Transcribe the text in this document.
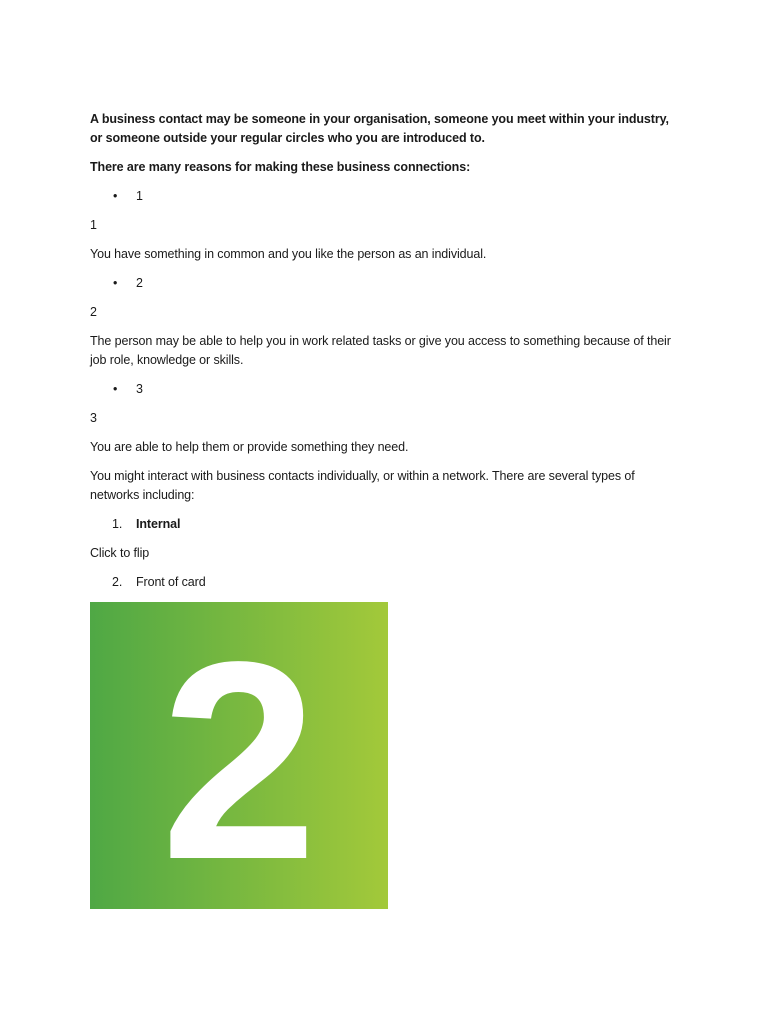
A business contact may be someone in your organisation, someone you meet within your industry, or someone outside your regular circles who you are introduced to.

There are many reasons for making these business connections:

• 1

1

You have something in common and you like the person as an individual.

• 2

2

The person may be able to help you in work related tasks or give you access to something because of their job role, knowledge or skills.

• 3

3

You are able to help them or provide something they need.

You might interact with business contacts individually, or within a network. There are several types of networks including:

1. Internal

Click to flip

2. Front of card
2
